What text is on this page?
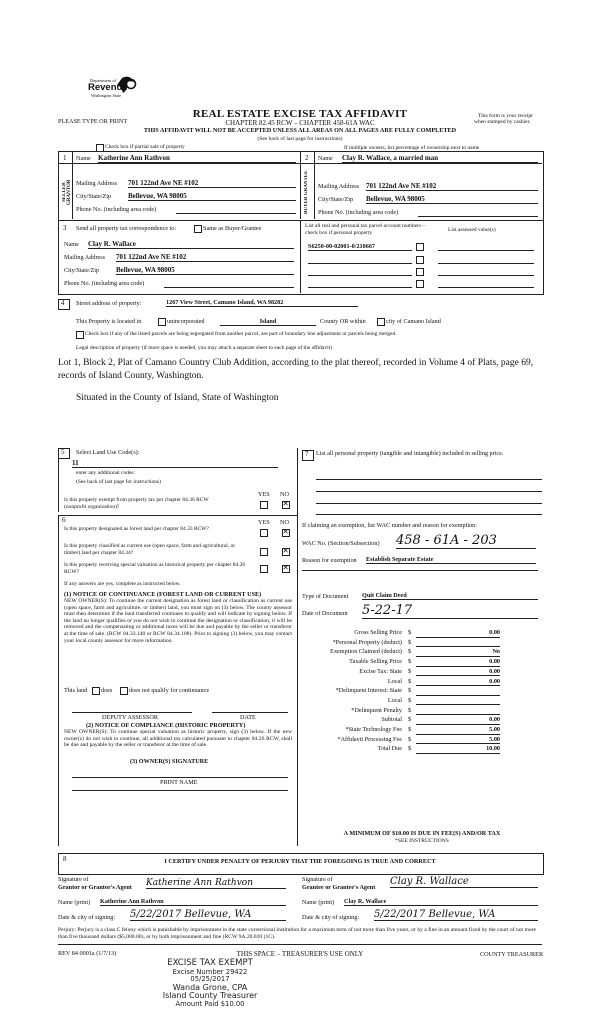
Department of
Revenue
Washington State
REAL ESTATE EXCISE TAX AFFIDAVIT
CHAPTER 82.45 RCW – CHAPTER 458-61A WAC
PLEASE TYPE OR PRINT
This form is your receipt
when stamped by cashier.
THIS AFFIDAVIT WILL NOT BE ACCEPTED UNLESS ALL AREAS ON ALL PAGES ARE FULLY COMPLETED
(See back of last page for instructions)
Check box if partial sale of property	If multiple owners, list percentage of ownership next to name
1 Name Katherine Ann Rathvon
SELLER GRANTOR Mailing Address 701 122nd Ave NE #102
City/State/Zip Bellevue, WA 98005
Phone No. (including area code)
2 Name Clay R. Wallace, a married man
BUYER GRANTEE	Mailing Address 701 122nd Ave NE #102
City/State/Zip Bellevue, WA 98005
Phone No. (including area code)
3 Send all property tax correspondence to:	Same as Buyer/Grantee
Name Clay R. Wallace
Mailing Address 701 122nd Ave NE #102
City/State/Zip Bellevue, WA 98005
Phone No. (including area code)
List all real and personal tax parcel account numbers – check box if personal property	List assessed value(s)
S6250-00-02001-0/210667
4 Street address of property:	1267 View Street, Camano Island, WA 98282
This Property is located in	unincorporated	Island	County OR within	city of Camano Island
Check box if any of the listed parcels are being segregated from another parcel, are part of boundary line adjustment or parcels being merged.
Legal description of property (if more space is needed, you may attach a separate sheet to each page of the affidavit)
Lot 1, Block 2, Plat of Camano Country Club Addition, according to the plat thereof, recorded in Volume 4 of Plats, page 69, records of Island County, Washington.
Situated in the County of Island, State of Washington
5 Select Land Use Code(s):
11
enter any additional codes:
(See back of last page for instructions)
YES NO
Is this property exempt from property tax per chapter 84.36 RCW (nonprofit organization)?
✕
6	YES NO
Is this property designated as forest land per chapter 84.33 RCW?
✕
Is this property classified as current use (open space, farm and agricultural, or timber) land per chapter 84.34?
✕
Is this property receiving special valuation as historical property per chapter 84.26 RCW?
✕
If any answers are yes, complete as instructed below.
(1) NOTICE OF CONTINUANCE (FOREST LAND OR CURRENT USE)
NEW OWNER(S): To continue the current designation as forest land or classification as current use (open space, farm and agriculture, or timber) land, you must sign on (3) below. The county assessor must then determine if the land transferred continues to qualify and will indicate by signing below. If the land no longer qualifies or you do not wish to continue the designation or classification, it will be removed and the compensating or additional taxes will be due and payable by the seller or transferor at the time of sale. (RCW 84.33.140 or RCW 84.34.108). Prior to signing (3) below, you may contact your local county assessor for more information.
This land does	does not qualify for continuance
DEPUTY ASSESSOR	DATE
(2) NOTICE OF COMPLIANCE (HISTORIC PROPERTY)
NEW OWNER(S): To continue special valuation as historic property, sign (3) below. If the new owner(s) do not wish to continue, all additional tax calculated pursuant to chapter 84.26 RCW, shall be due and payable by the seller or transferor at the time of sale.
(3) OWNER(S) SIGNATURE
PRINT NAME
7 List all personal property (tangible and intangible) included in selling price.
If claiming an exemption, list WAC number and reason for exemption:
WAC No. (Section/Subsection) 458 - 61A - 203
Reason for exemption Establish Separate Estate
Type of Document Quit Claim Deed
Date of Document 5-22-17
Gross Selling Price $	0.00
*Personal Property (deduct) $
Exemption Claimed (deduct) $	No
Taxable Selling Price $	0.00
Excise Tax: State $	0.00
Local $	0.00
*Delinquent Interest: State $
Local $
*Delinquent Penalty $
Subtotal $	0.00
*State Technology Fee $	5.00
*Affidavit Processing Fee $	5.00
Total Due $	10.00
A MINIMUM OF $10.00 IS DUE IN FEE(S) AND/OR TAX
*SEE INSTRUCTIONS
8	I CERTIFY UNDER PENALTY OF PERJURY THAT THE FOREGOING IS TRUE AND CORRECT
Signature of
Grantor or Grantor's Agent Katherine Ann Rathvon	Signature of
Grantee or Grantee's Agent
Clay R. Wallace
Name (print) Katherine Ann Rathvon	Name (print) Clay R. Wallace
Date & city of signing: 5/22/2017 Bellevue, WA	Date & city of signing: 5/22/2017 Bellevue, WA
Perjury: Perjury is a class C felony which is punishable by imprisonment in the state correctional institution for a maximum term of not more than five years, or by a fine in an amount fixed by the court of not more than five thousand dollars ($5,000.00), or by both imprisonment and fine (RCW 9A.20.020 (1C).
REV 84 0001a (1/7/13)	THIS SPACE – TREASURER'S USE ONLY	COUNTY TREASURER
EXCISE TAX EXEMPT
Excise Number 29422
05/25/2017
Wanda Grone, CPA
Island County Treasurer
Amount Paid $10.00
